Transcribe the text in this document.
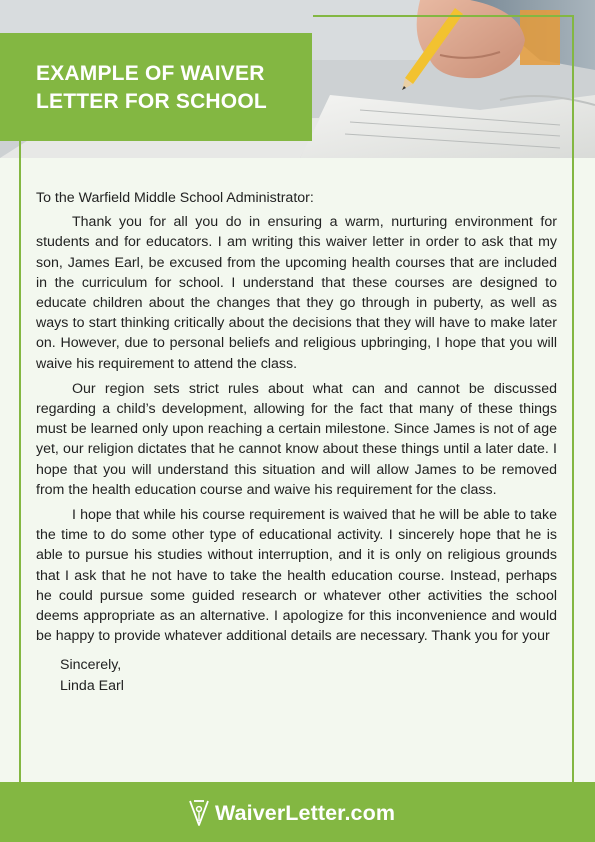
EXAMPLE OF WAIVER
LETTER FOR SCHOOL

To the Warfield Middle School Administrator:

Thank you for all you do in ensuring a warm, nurturing environment for students and for educators. I am writing this waiver letter in order to ask that my son, James Earl, be excused from the upcoming health courses that are included in the curriculum for school. I understand that these courses are designed to educate children about the changes that they go through in puberty, as well as ways to start thinking critically about the decisions that they will have to make later on. However, due to personal beliefs and religious upbringing, I hope that you will waive his requirement to attend the class.

Our region sets strict rules about what can and cannot be discussed regarding a child’s development, allowing for the fact that many of these things must be learned only upon reaching a certain milestone. Since James is not of age yet, our religion dictates that he cannot know about these things until a later date. I hope that you will understand this situation and will allow James to be removed from the health education course and waive his requirement for the class.

I hope that while his course requirement is waived that he will be able to take the time to do some other type of educational activity. I sincerely hope that he is able to pursue his studies without interruption, and it is only on religious grounds that I ask that he not have to take the health education course. Instead, perhaps he could pursue some guided research or whatever other activities the school deems appropriate as an alternative. I apologize for this inconvenience and would be happy to provide whatever additional details are necessary. Thank you for your

Sincerely,
Linda Earl
WaiverLetter.com
